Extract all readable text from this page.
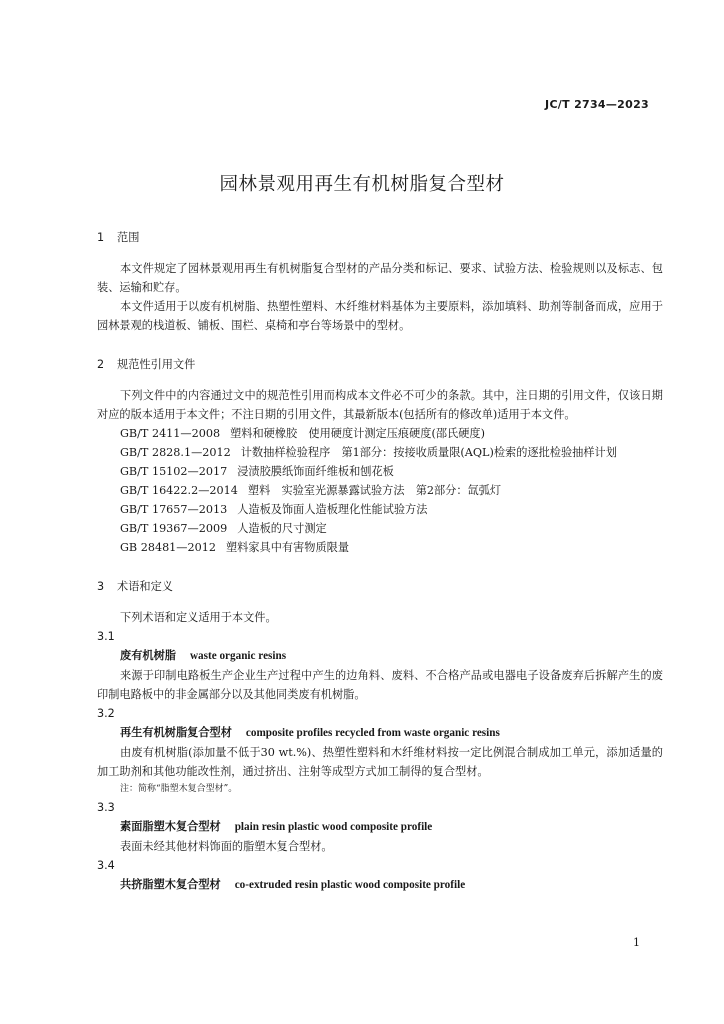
JC/T 2734—2023
园林景观用再生有机树脂复合型材

1 范围

本文件规定了园林景观用再生有机树脂复合型材的产品分类和标记、要求、试验方法、检验规则以及标志、包装、运输和贮存。

本文件适用于以废有机树脂、热塑性塑料、木纤维材料基体为主要原料，添加填料、助剂等制备而成，应用于园林景观的栈道板、铺板、围栏、桌椅和亭台等场景中的型材。

2 规范性引用文件

下列文件中的内容通过文中的规范性引用而构成本文件必不可少的条款。其中，注日期的引用文件，仅该日期对应的版本适用于本文件；不注日期的引用文件，其最新版本(包括所有的修改单)适用于本文件。

GB/T 2411—2008 塑料和硬橡胶　使用硬度计测定压痕硬度(邵氏硬度)
GB/T 2828.1—2012 计数抽样检验程序　第1部分：按接收质量限(AQL)检索的逐批检验抽样计划
GB/T 15102—2017 浸渍胶膜纸饰面纤维板和刨花板
GB/T 16422.2—2014 塑料　实验室光源暴露试验方法　第2部分：氙弧灯
GB/T 17657—2013 人造板及饰面人造板理化性能试验方法
GB/T 19367—2009 人造板的尺寸测定
GB 28481—2012 塑料家具中有害物质限量

3 术语和定义

下列术语和定义适用于本文件。

3.1

废有机树脂 waste organic resins

来源于印制电路板生产企业生产过程中产生的边角料、废料、不合格产品或电器电子设备废弃后拆解产生的废印制电路板中的非金属部分以及其他同类废有机树脂。

3.2

再生有机树脂复合型材 composite profiles recycled from waste organic resins

由废有机树脂(添加量不低于30 wt.%)、热塑性塑料和木纤维材料按一定比例混合制成加工单元，添加适量的加工助剂和其他功能改性剂，通过挤出、注射等成型方式加工制得的复合型材。

注：简称“脂塑木复合型材”。

3.3

素面脂塑木复合型材 plain resin plastic wood composite profile

表面未经其他材料饰面的脂塑木复合型材。

3.4

共挤脂塑木复合型材 co-extruded resin plastic wood composite profile

1
